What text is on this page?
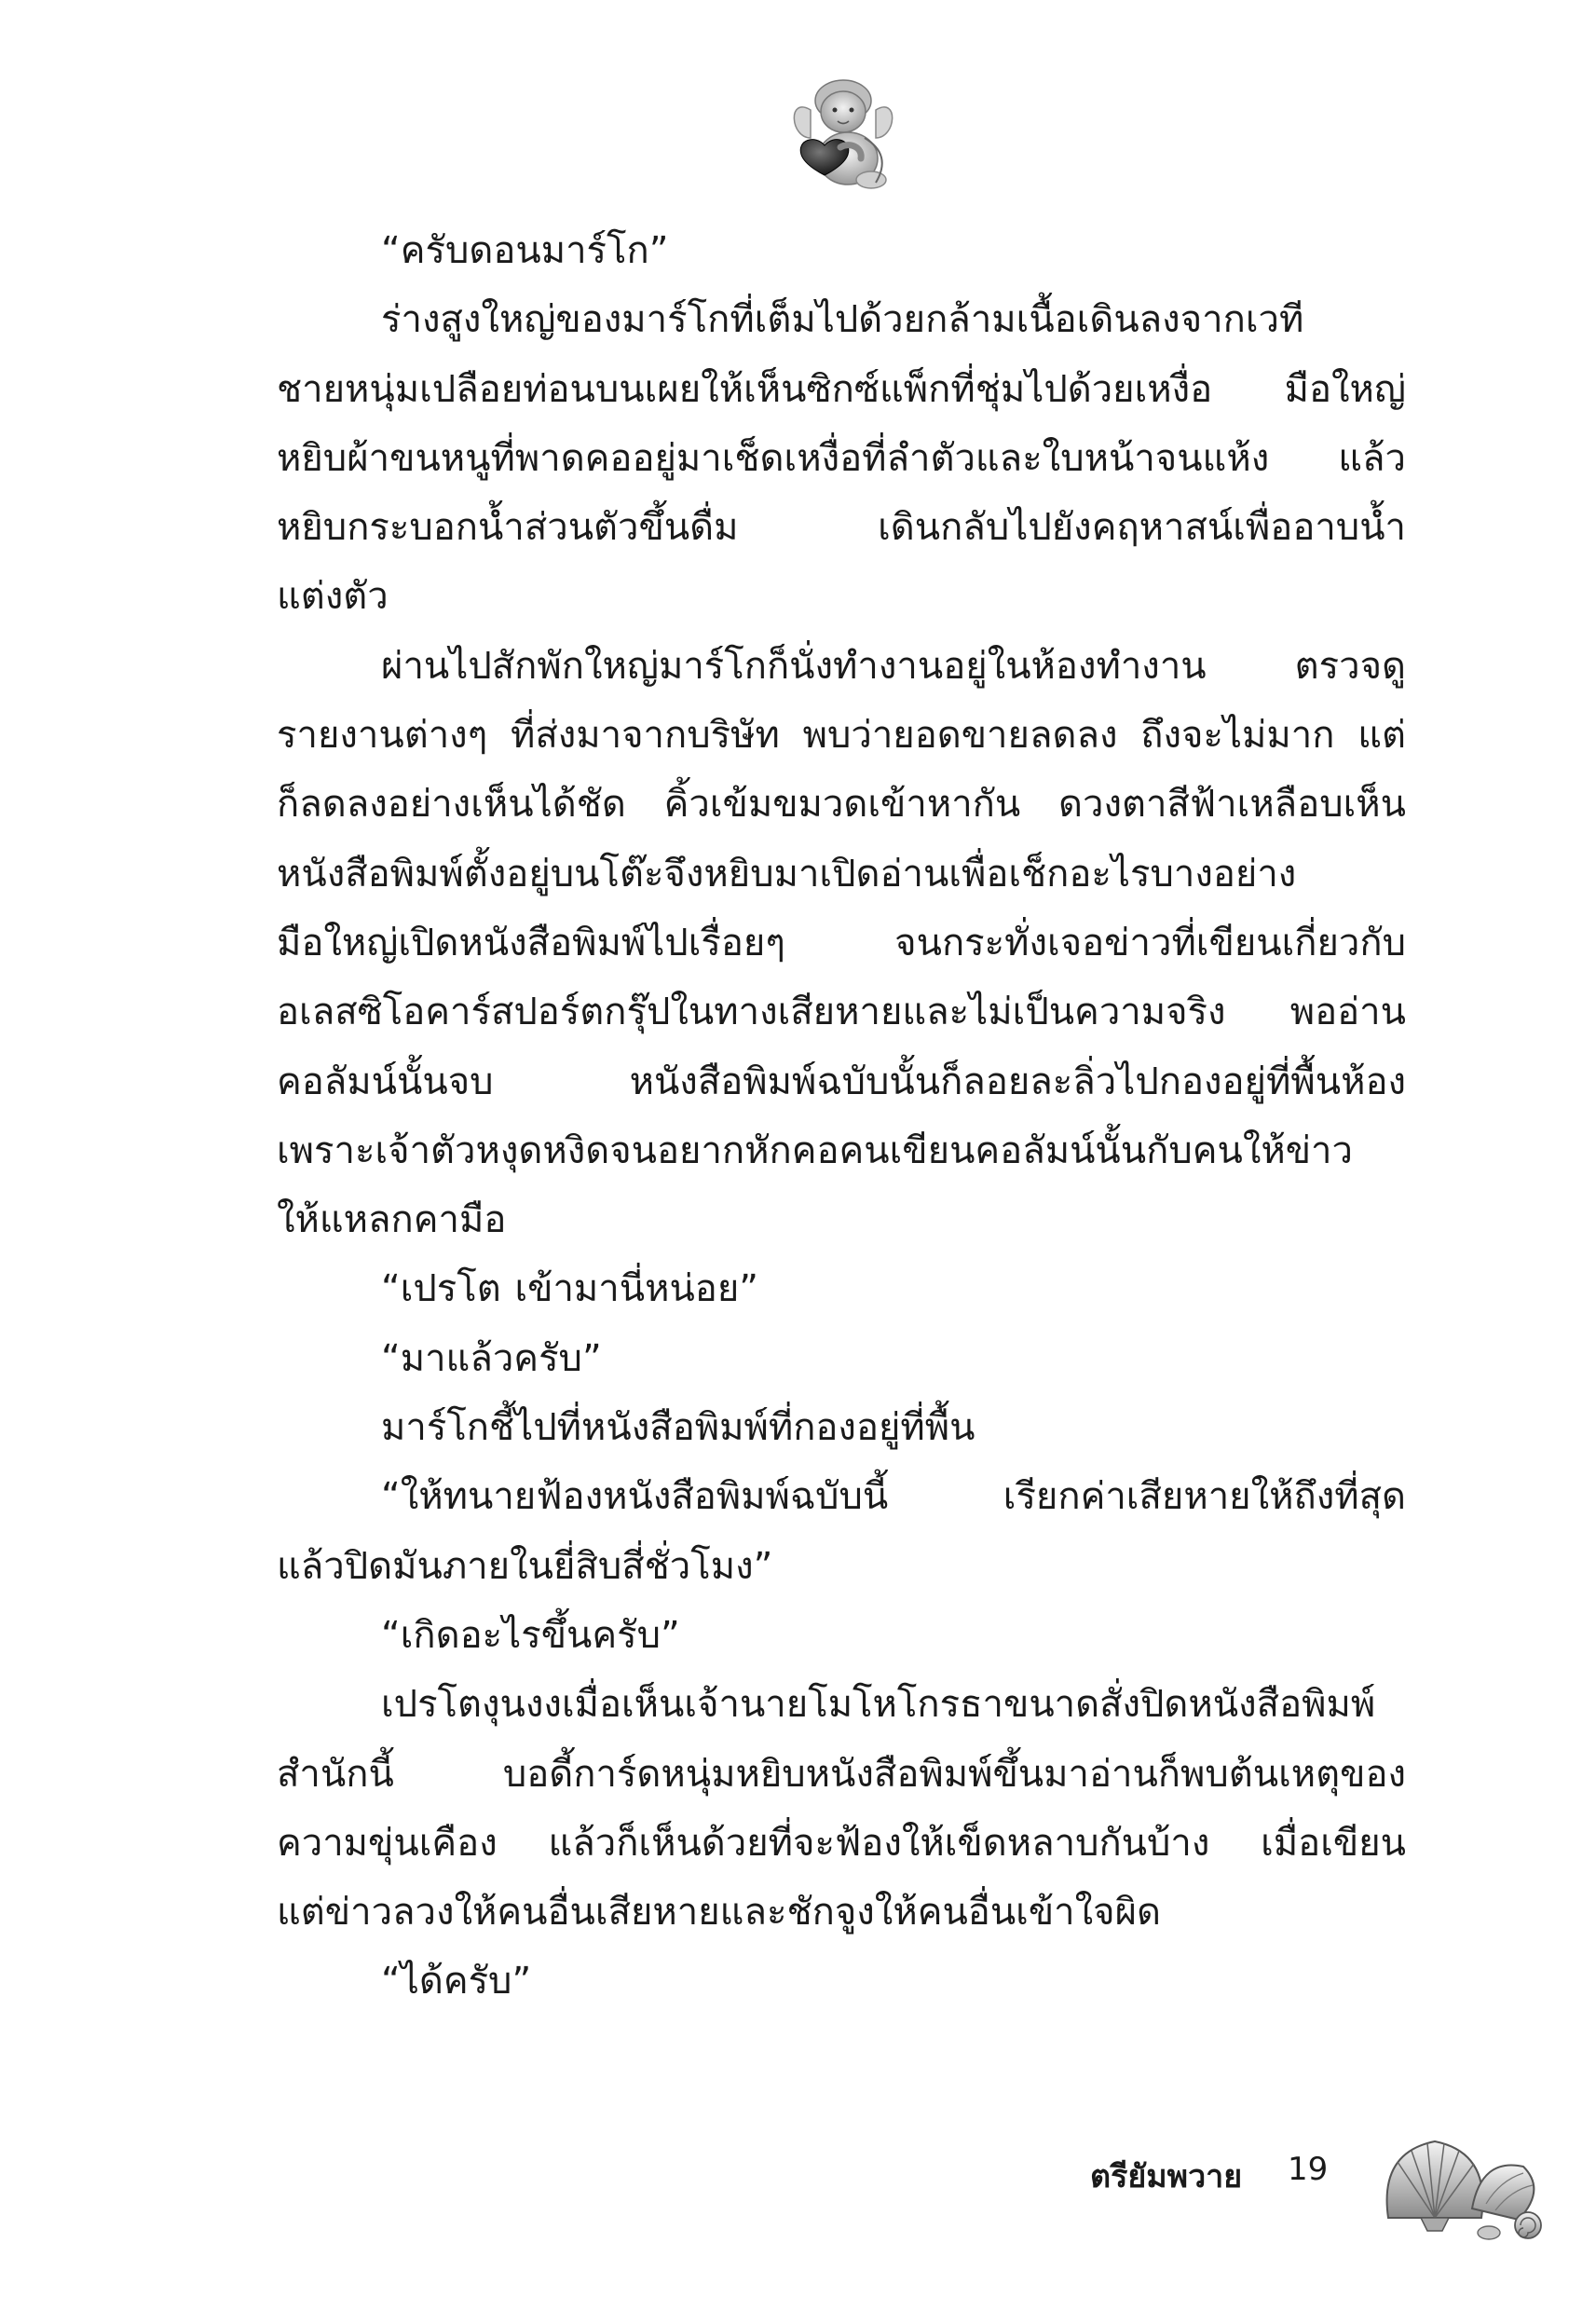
“ครับดอนมาร์โก”
ร่างสูงใหญ่ของมาร์โกที่เต็มไปด้วยกล้ามเนื้อเดินลงจากเวที
ชายหนุ่มเปลือยท่อนบนเผยให้เห็นซิกซ์แพ็กที่ชุ่มไปด้วยเหงื่อ มือใหญ่
หยิบผ้าขนหนูที่พาดคออยู่มาเช็ดเหงื่อที่ลำตัวและใบหน้าจนแห้ง แล้ว
หยิบกระบอกน้ำส่วนตัวขึ้นดื่ม เดินกลับไปยังคฤหาสน์เพื่ออาบน้ำ
แต่งตัว
ผ่านไปสักพักใหญ่มาร์โกก็นั่งทำงานอยู่ในห้องทำงาน ตรวจดู
รายงานต่างๆ ที่ส่งมาจากบริษัท พบว่ายอดขายลดลง ถึงจะไม่มาก แต่
ก็ลดลงอย่างเห็นได้ชัด คิ้วเข้มขมวดเข้าหากัน ดวงตาสีฟ้าเหลือบเห็น
หนังสือพิมพ์ตั้งอยู่บนโต๊ะจึงหยิบมาเปิดอ่านเพื่อเช็กอะไรบางอย่าง
มือใหญ่เปิดหนังสือพิมพ์ไปเรื่อยๆ จนกระทั่งเจอข่าวที่เขียนเกี่ยวกับ
อเลสซิโอคาร์สปอร์ตกรุ๊ปในทางเสียหายและไม่เป็นความจริง พออ่าน
คอลัมน์นั้นจบ หนังสือพิมพ์ฉบับนั้นก็ลอยละลิ่วไปกองอยู่ที่พื้นห้อง
เพราะเจ้าตัวหงุดหงิดจนอยากหักคอคนเขียนคอลัมน์นั้นกับคนให้ข่าว
ให้แหลกคามือ
“เปรโต เข้ามานี่หน่อย”
“มาแล้วครับ”
มาร์โกชี้ไปที่หนังสือพิมพ์ที่กองอยู่ที่พื้น
“ให้ทนายฟ้องหนังสือพิมพ์ฉบับนี้ เรียกค่าเสียหายให้ถึงที่สุด
แล้วปิดมันภายในยี่สิบสี่ชั่วโมง”
“เกิดอะไรขึ้นครับ”
เปรโตงุนงงเมื่อเห็นเจ้านายโมโหโกรธาขนาดสั่งปิดหนังสือพิมพ์
สำนักนี้ บอดี้การ์ดหนุ่มหยิบหนังสือพิมพ์ขึ้นมาอ่านก็พบต้นเหตุของ
ความขุ่นเคือง แล้วก็เห็นด้วยที่จะฟ้องให้เข็ดหลาบกันบ้าง เมื่อเขียน
แต่ข่าวลวงให้คนอื่นเสียหายและชักจูงให้คนอื่นเข้าใจผิด
“ได้ครับ”
ตรียัมพวาย 19
